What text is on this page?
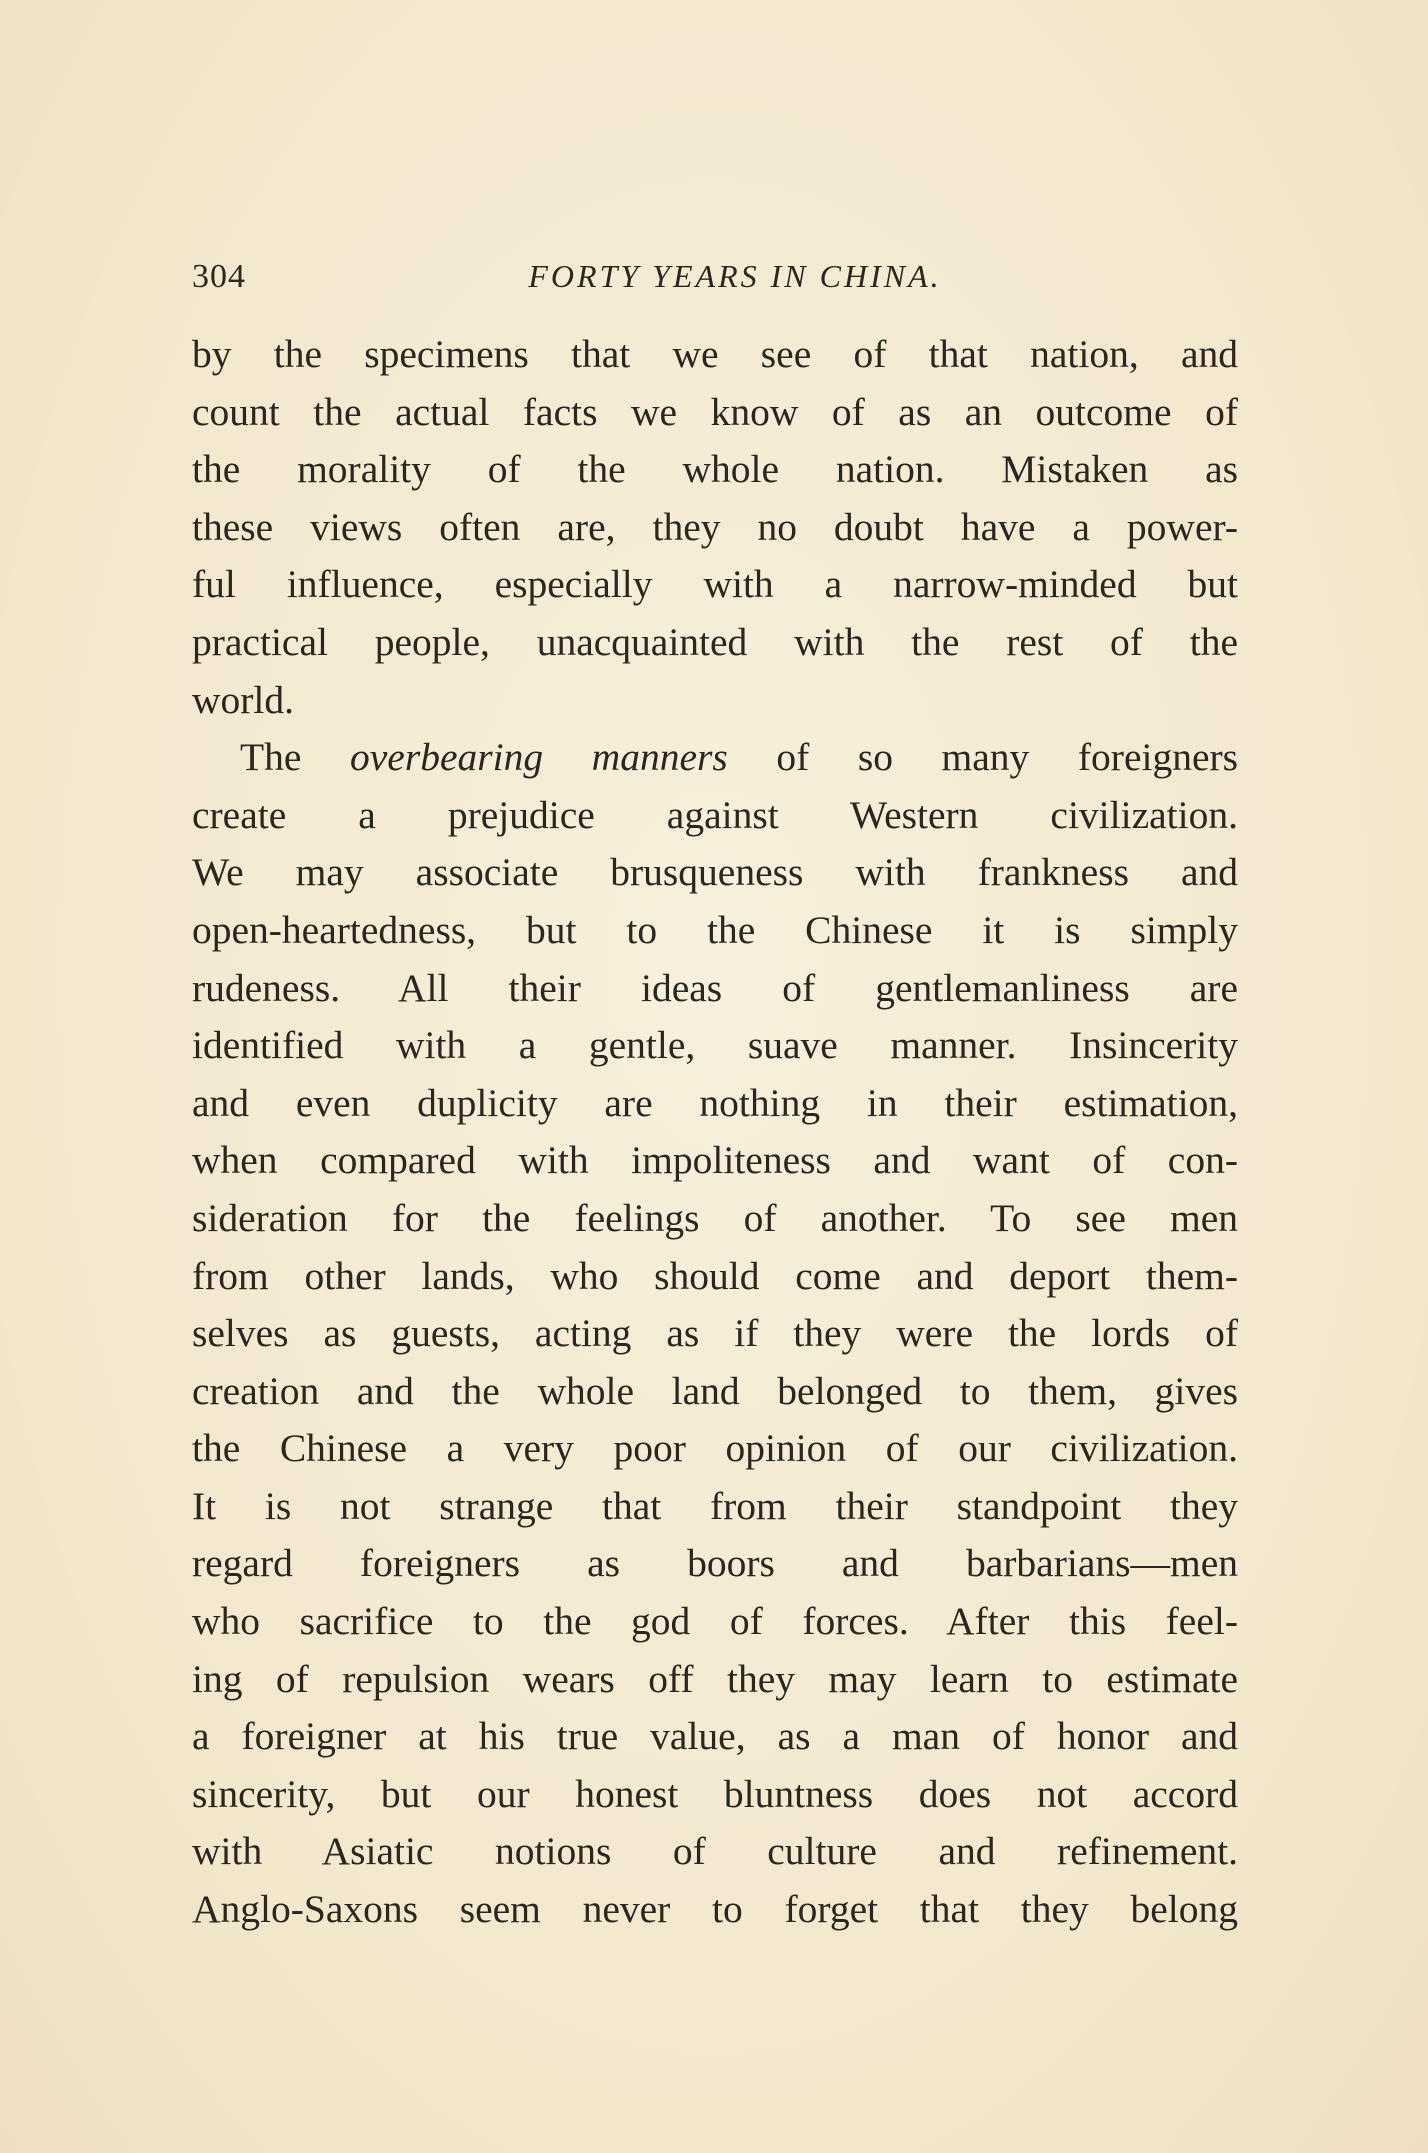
304	FORTY YEARS IN CHINA.
by the specimens that we see of that nation, and
count the actual facts we know of as an outcome of
the morality of the whole nation. Mistaken as
these views often are, they no doubt have a power-
ful influence, especially with a narrow-minded but
practical people, unacquainted with the rest of the
world.
The overbearing manners of so many foreigners
create a prejudice against Western civilization.
We may associate brusqueness with frankness and
open-heartedness, but to the Chinese it is simply
rudeness. All their ideas of gentlemanliness are
identified with a gentle, suave manner. Insincerity
and even duplicity are nothing in their estimation,
when compared with impoliteness and want of con-
sideration for the feelings of another. To see men
from other lands, who should come and deport them-
selves as guests, acting as if they were the lords of
creation and the whole land belonged to them, gives
the Chinese a very poor opinion of our civilization.
It is not strange that from their standpoint they
regard foreigners as boors and barbarians—men
who sacrifice to the god of forces. After this feel-
ing of repulsion wears off they may learn to estimate
a foreigner at his true value, as a man of honor and
sincerity, but our honest bluntness does not accord
with Asiatic notions of culture and refinement.
Anglo-Saxons seem never to forget that they belong
